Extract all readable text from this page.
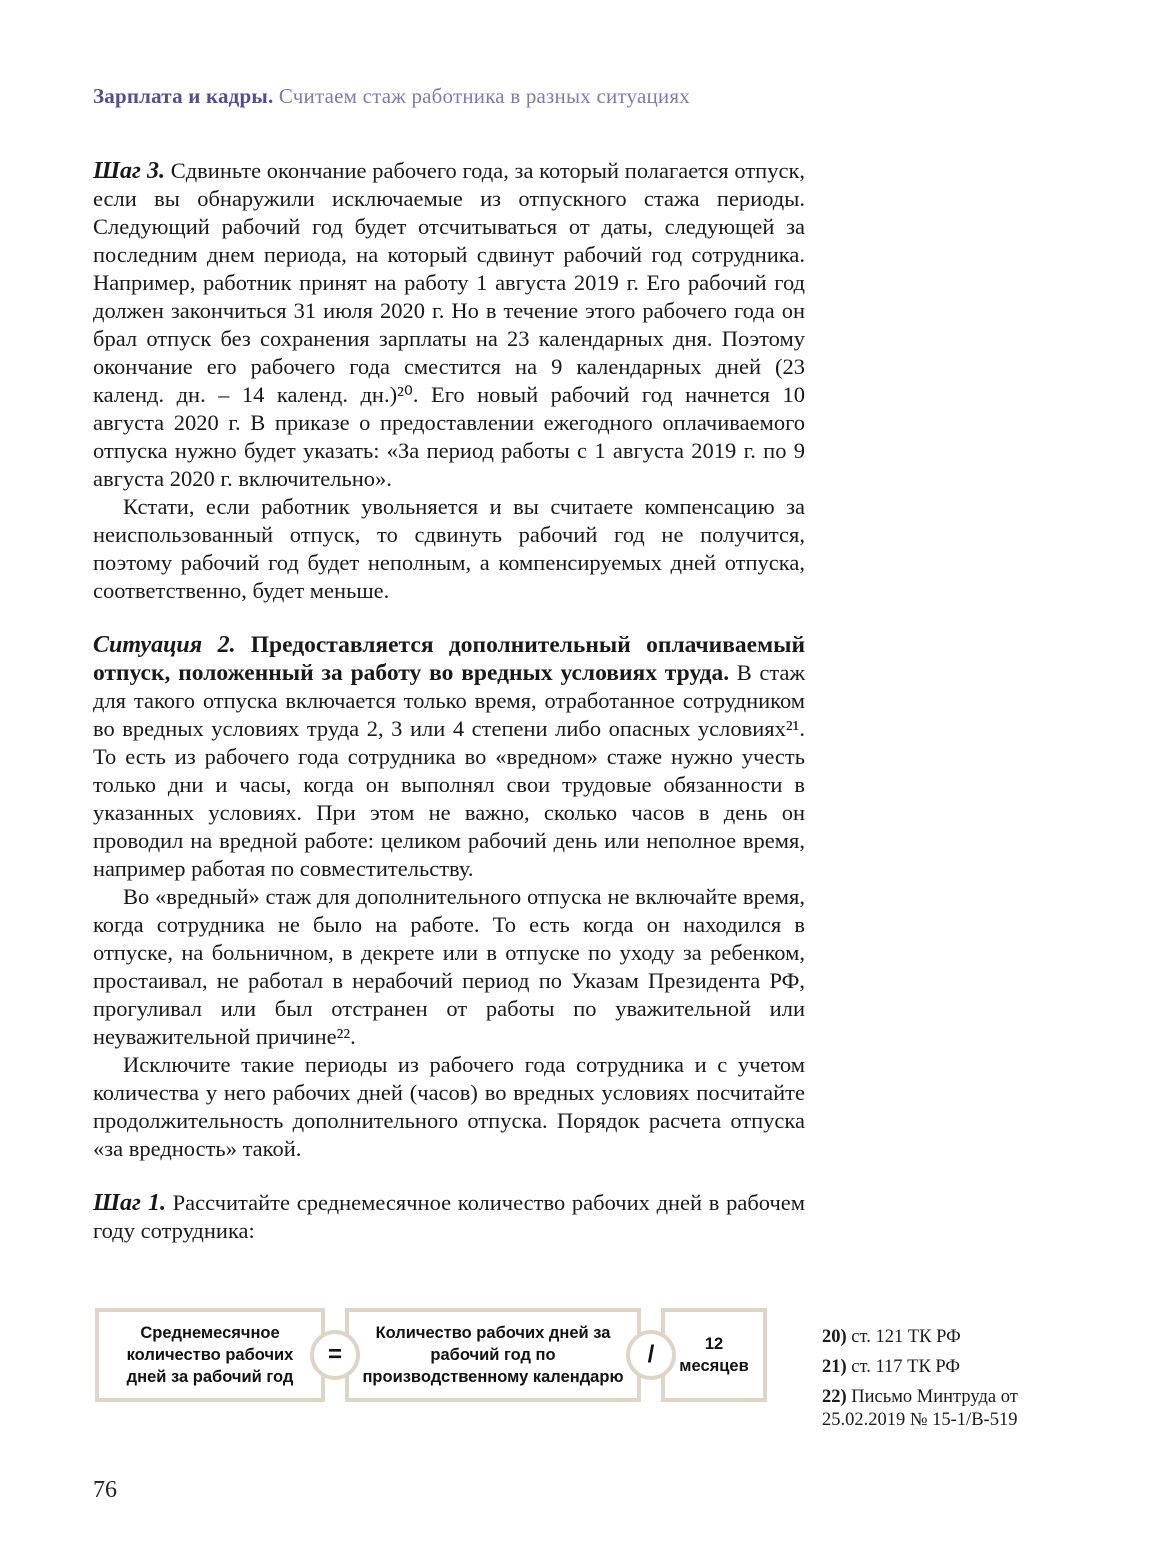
Зарплата и кадры. Считаем стаж работника в разных ситуациях

Шаг 3. Сдвиньте окончание рабочего года, за который полагается отпуск, если вы обнаружили исключаемые из отпускного стажа периоды. Следующий рабочий год будет отсчитываться от даты, следующей за последним днем периода, на который сдвинут рабочий год сотрудника. Например, работник принят на работу 1 августа 2019 г. Его рабочий год должен закончиться 31 июля 2020 г. Но в течение этого рабочего года он брал отпуск без сохранения зарплаты на 23 календарных дня. Поэтому окончание его рабочего года сместится на 9 календарных дней (23 календ. дн. – 14 календ. дн.)²⁰. Его новый рабочий год начнется 10 августа 2020 г. В приказе о предоставлении ежегодного оплачиваемого отпуска нужно будет указать: «За период работы с 1 августа 2019 г. по 9 августа 2020 г. включительно».

Кстати, если работник увольняется и вы считаете компенсацию за неиспользованный отпуск, то сдвинуть рабочий год не получится, поэтому рабочий год будет неполным, а компенсируемых дней отпуска, соответственно, будет меньше.

Ситуация 2. Предоставляется дополнительный оплачиваемый отпуск, положенный за работу во вредных условиях труда. В стаж для такого отпуска включается только время, отработанное сотрудником во вредных условиях труда 2, 3 или 4 степени либо опасных условиях²¹. То есть из рабочего года сотрудника во «вредном» стаже нужно учесть только дни и часы, когда он выполнял свои трудовые обязанности в указанных условиях. При этом не важно, сколько часов в день он проводил на вредной работе: целиком рабочий день или неполное время, например работая по совместительству.

Во «вредный» стаж для дополнительного отпуска не включайте время, когда сотрудника не было на работе. То есть когда он находился в отпуске, на больничном, в декрете или в отпуске по уходу за ребенком, простаивал, не работал в нерабочий период по Указам Президента РФ, прогуливал или был отстранен от работы по уважительной или неуважительной причине²².

Исключите такие периоды из рабочего года сотрудника и с учетом количества у него рабочих дней (часов) во вредных условиях посчитайте продолжительность дополнительного отпуска. Порядок расчета отпуска «за вредность» такой.

Шаг 1. Рассчитайте среднемесячное количество рабочих дней в рабочем году сотрудника:

Среднемесячное количество рабочих дней за рабочий год
=
Количество рабочих дней за рабочий год по производственному календарю
/	12 месяцев

20) ст. 121 ТК РФ

21) ст. 117 ТК РФ

22) Письмо Минтруда от 25.02.2019 № 15-1/В-519

76
